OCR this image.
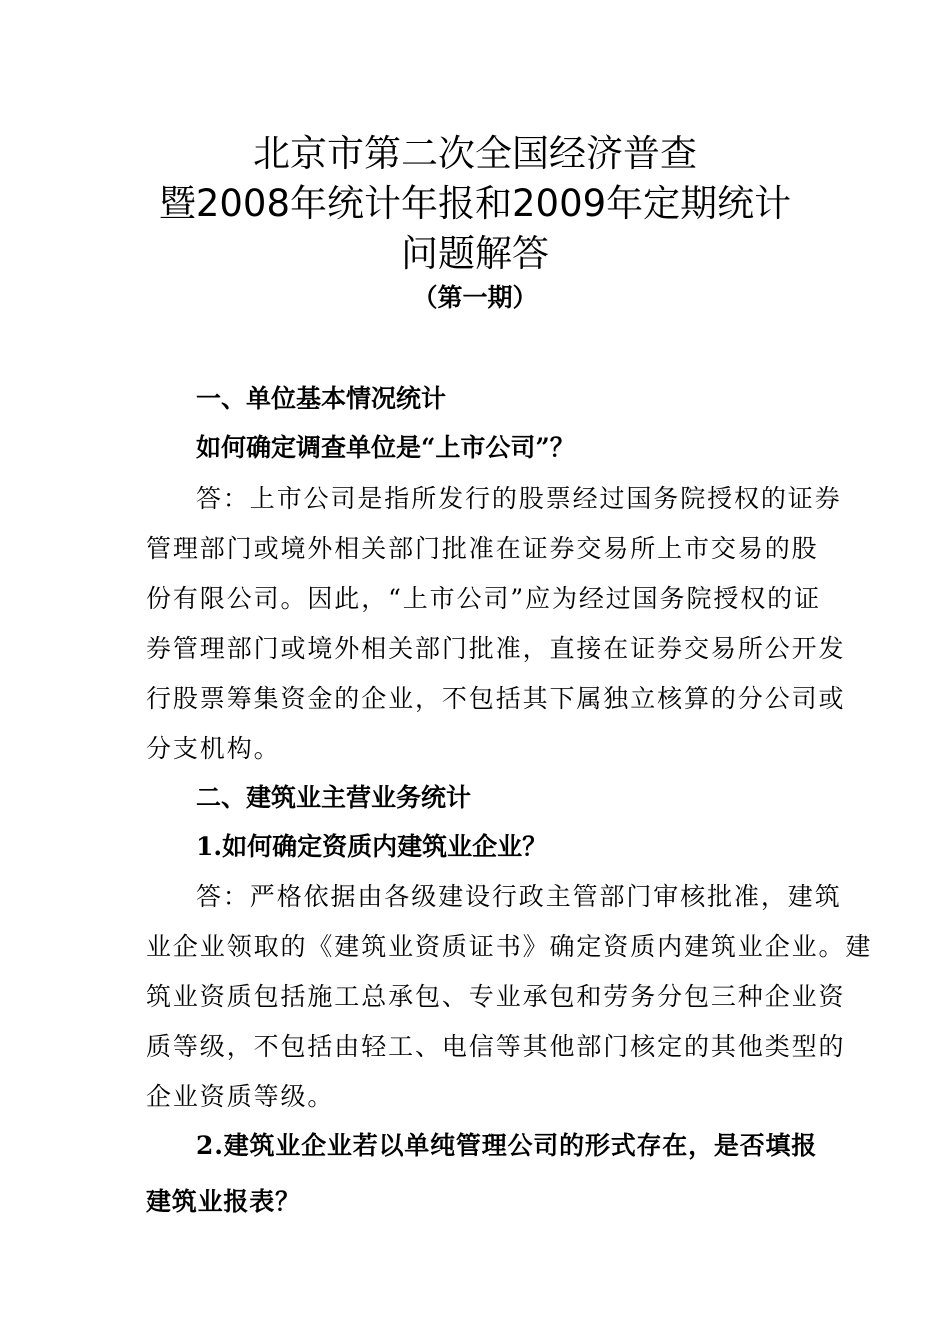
北京市第二次全国经济普查
暨2008年统计年报和2009年定期统计
问题解答
（第一期）
一、单位基本情况统计
如何确定调查单位是“上市公司”？
答：上市公司是指所发行的股票经过国务院授权的证券
管理部门或境外相关部门批准在证券交易所上市交易的股
份有限公司。因此，“上市公司”应为经过国务院授权的证
券管理部门或境外相关部门批准，直接在证券交易所公开发
行股票筹集资金的企业，不包括其下属独立核算的分公司或
分支机构。
二、建筑业主营业务统计
1.如何确定资质内建筑业企业？
答：严格依据由各级建设行政主管部门审核批准，建筑
业企业领取的《建筑业资质证书》确定资质内建筑业企业。建
筑业资质包括施工总承包、专业承包和劳务分包三种企业资
质等级，不包括由轻工、电信等其他部门核定的其他类型的
企业资质等级。
2.建筑业企业若以单纯管理公司的形式存在，是否填报
建筑业报表？
